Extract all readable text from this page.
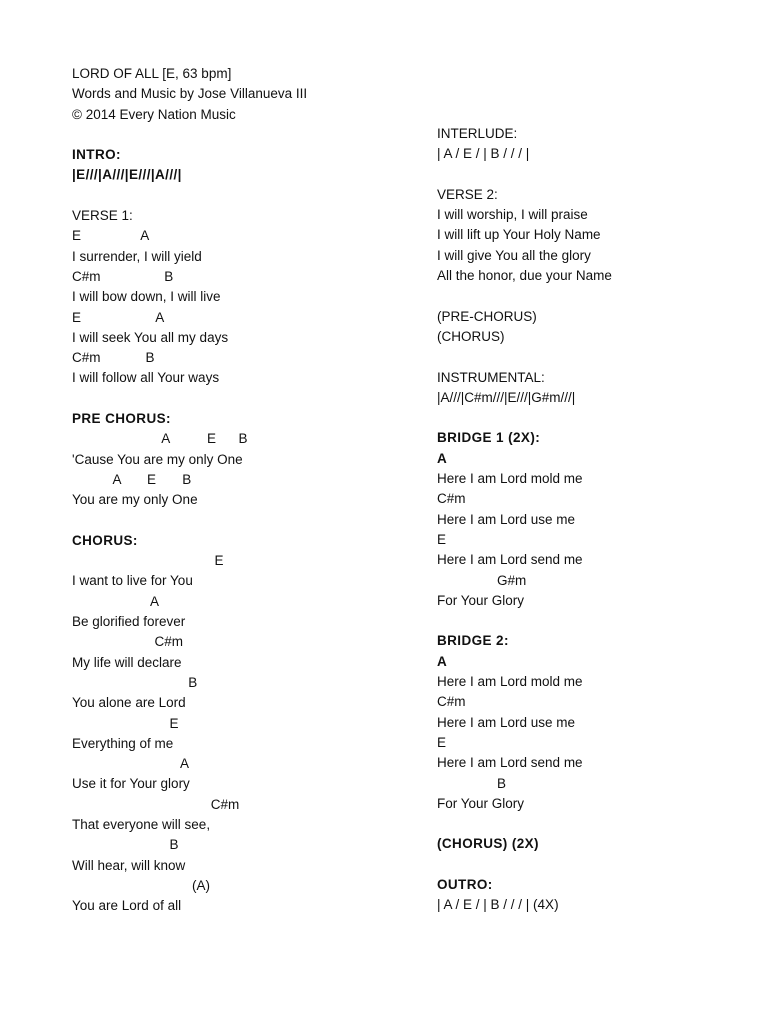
LORD OF ALL [E, 63 bpm]
Words and Music by Jose Villanueva III
© 2014 Every Nation Music
INTRO:
|E///|A///|E///|A///|
VERSE 1:
E                A
I surrender, I will yield
C#m                 B
I will bow down, I will live
E                    A
I will seek You all my days
C#m            B
I will follow all Your ways
PRE CHORUS:
A          E      B
'Cause You are my only One
A       E       B
You are my only One
CHORUS:
E
I want to live for You
A
Be glorified forever
C#m
My life will declare
B
You alone are Lord
E
Everything of me
A
Use it for Your glory
C#m
That everyone will see,
B
Will hear, will know
(A)
You are Lord of all
INTERLUDE:
| A / E / | B / / / |
VERSE 2:
I will worship, I will praise
I will lift up Your Holy Name
I will give You all the glory
All the honor, due your Name
(PRE-CHORUS)
(CHORUS)
INSTRUMENTAL:
|A///|C#m///|E///|G#m///|
BRIDGE 1 (2X):
A
Here I am Lord mold me
C#m
Here I am Lord use me
E
Here I am Lord send me
G#m
For Your Glory
BRIDGE 2:
A
Here I am Lord mold me
C#m
Here I am Lord use me
E
Here I am Lord send me
B
For Your Glory
(CHORUS) (2X)
OUTRO:
| A / E / | B / / / | (4X)
